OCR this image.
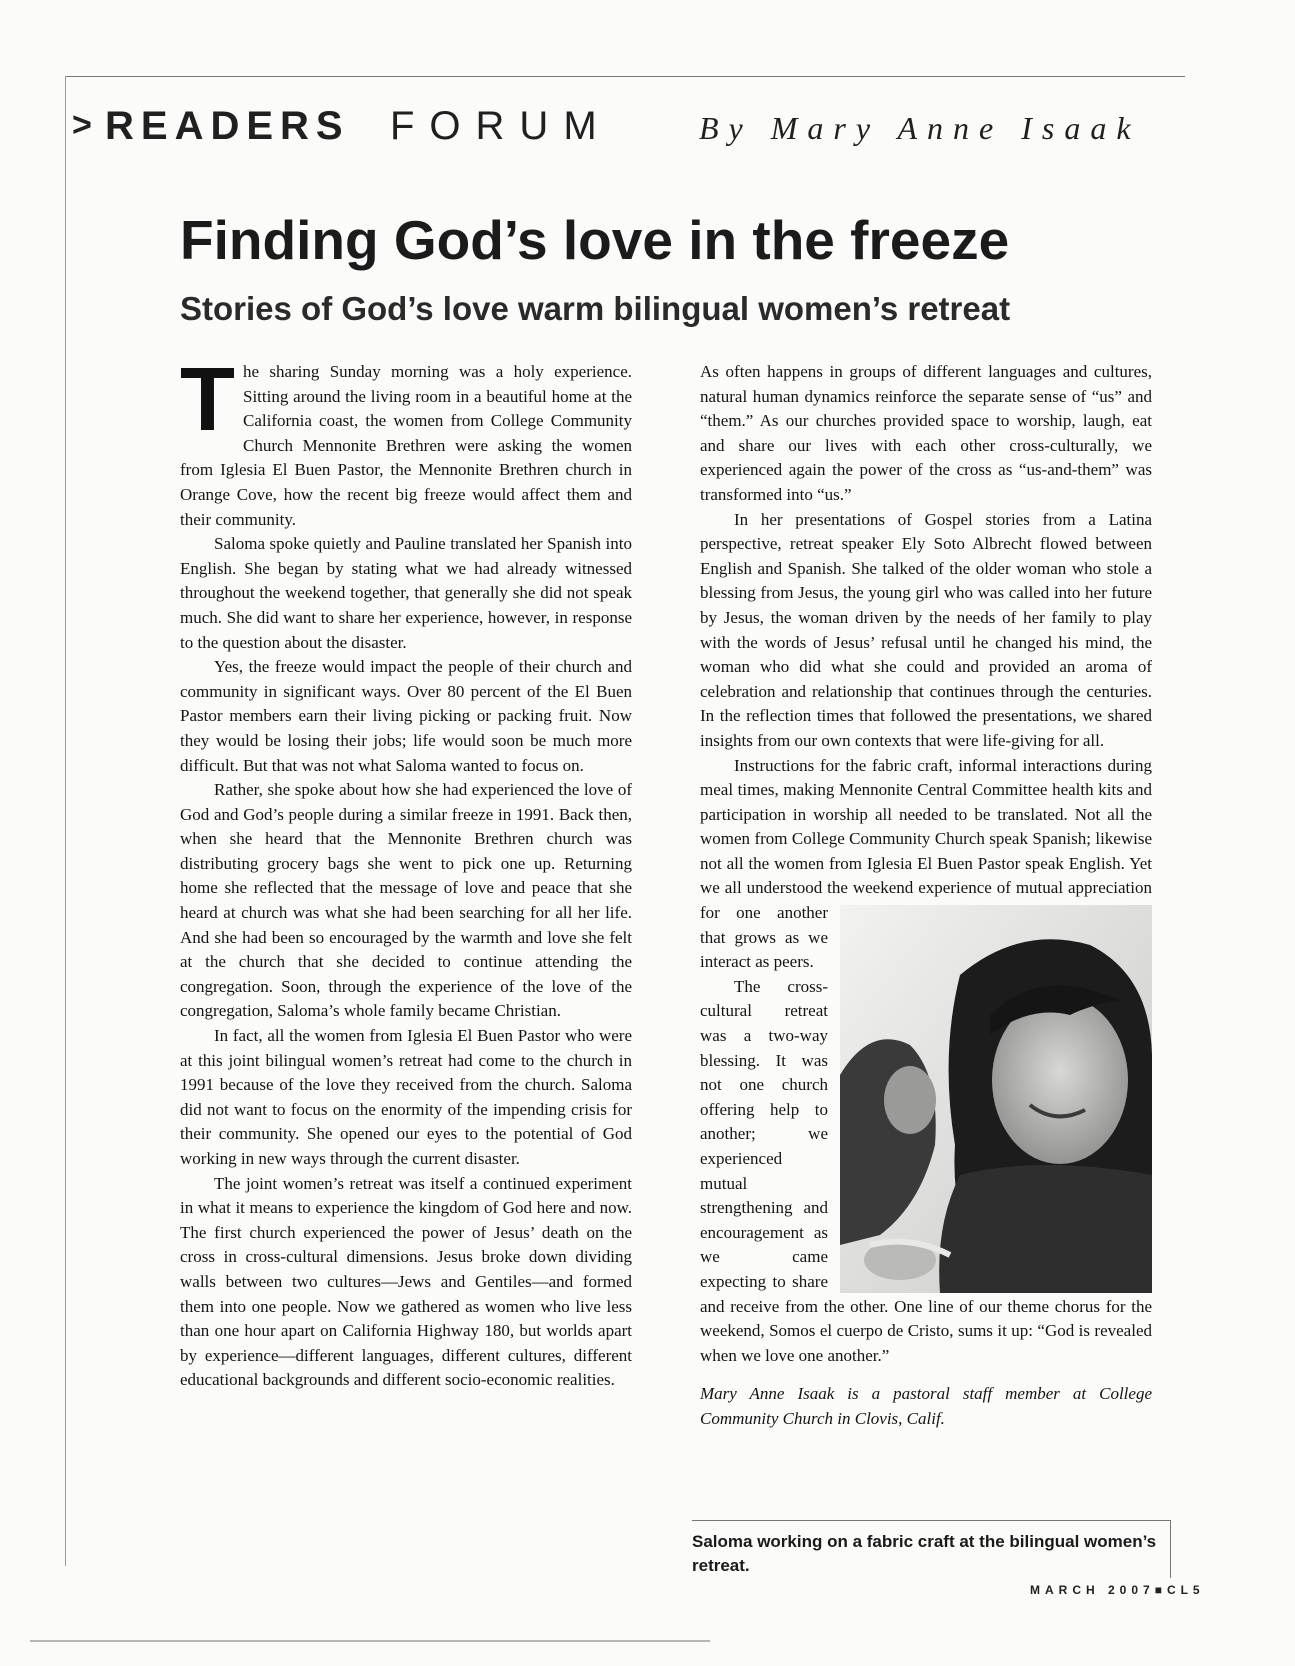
> READERS FORUM	By Mary Anne Isaak
Finding God’s love in the freeze
Stories of God’s love warm bilingual women’s retreat

The sharing Sunday morning was a holy experience. Sitting around the living room in a beautiful home at the California coast, the women from College Community Church Mennonite Brethren were asking the women from Iglesia El Buen Pastor, the Mennonite Brethren church in Orange Cove, how the recent big freeze would affect them and their community.

Saloma spoke quietly and Pauline translated her Spanish into English. She began by stating what we had already witnessed throughout the weekend together, that generally she did not speak much. She did want to share her experience, however, in response to the question about the disaster.

Yes, the freeze would impact the people of their church and community in significant ways. Over 80 percent of the El Buen Pastor members earn their living picking or packing fruit. Now they would be losing their jobs; life would soon be much more difficult. But that was not what Saloma wanted to focus on.

Rather, she spoke about how she had experienced the love of God and God’s people during a similar freeze in 1991. Back then, when she heard that the Mennonite Brethren church was distributing grocery bags she went to pick one up. Returning home she reflected that the message of love and peace that she heard at church was what she had been searching for all her life. And she had been so encouraged by the warmth and love she felt at the church that she decided to continue attending the congregation. Soon, through the experience of the love of the congregation, Saloma’s whole family became Christian.

In fact, all the women from Iglesia El Buen Pastor who were at this joint bilingual women’s retreat had come to the church in 1991 because of the love they received from the church. Saloma did not want to focus on the enormity of the impending crisis for their community. She opened our eyes to the potential of God working in new ways through the current disaster.

The joint women’s retreat was itself a continued experiment in what it means to experience the kingdom of God here and now. The first church experienced the power of Jesus’ death on the cross in cross-cultural dimensions. Jesus broke down dividing walls between two cultures—Jews and Gentiles—and formed them into one people. Now we gathered as women who live less than one hour apart on California Highway 180, but worlds apart by experience—different languages, different cultures, different educational backgrounds and different socio-economic realities.

As often happens in groups of different languages and cultures, natural human dynamics reinforce the separate sense of “us” and “them.” As our churches provided space to worship, laugh, eat and share our lives with each other cross-culturally, we experienced again the power of the cross as “us-and-them” was transformed into “us.”

In her presentations of Gospel stories from a Latina perspective, retreat speaker Ely Soto Albrecht flowed between English and Spanish. She talked of the older woman who stole a blessing from Jesus, the young girl who was called into her future by Jesus, the woman driven by the needs of her family to play with the words of Jesus’ refusal until he changed his mind, the woman who did what she could and provided an aroma of celebration and relationship that continues through the centuries. In the reflection times that followed the presentations, we shared insights from our own contexts that were life-giving for all.

Instructions for the fabric craft, informal interactions during meal times, making Mennonite Central Committee health kits and participation in worship all needed to be translated. Not all the women from College Community Church speak Spanish; likewise not all the women from Iglesia El Buen Pastor speak English. Yet we all understood the weekend experience of mutual appreciation for one another that grows as we interact as peers.

The cross-cultural retreat was a two-way blessing. It was not one church offering help to another; we experienced mutual strengthening and encouragement as we came expecting to share and receive from the other. One line of our theme chorus for the weekend, Somos el cuerpo de Cristo, sums it up: “God is revealed when we love one another.”

Mary Anne Isaak is a pastoral staff member at College Community Church in Clovis, Calif.

Saloma working on a fabric craft at the bilingual women’s retreat.
MARCH 2007■CL5
